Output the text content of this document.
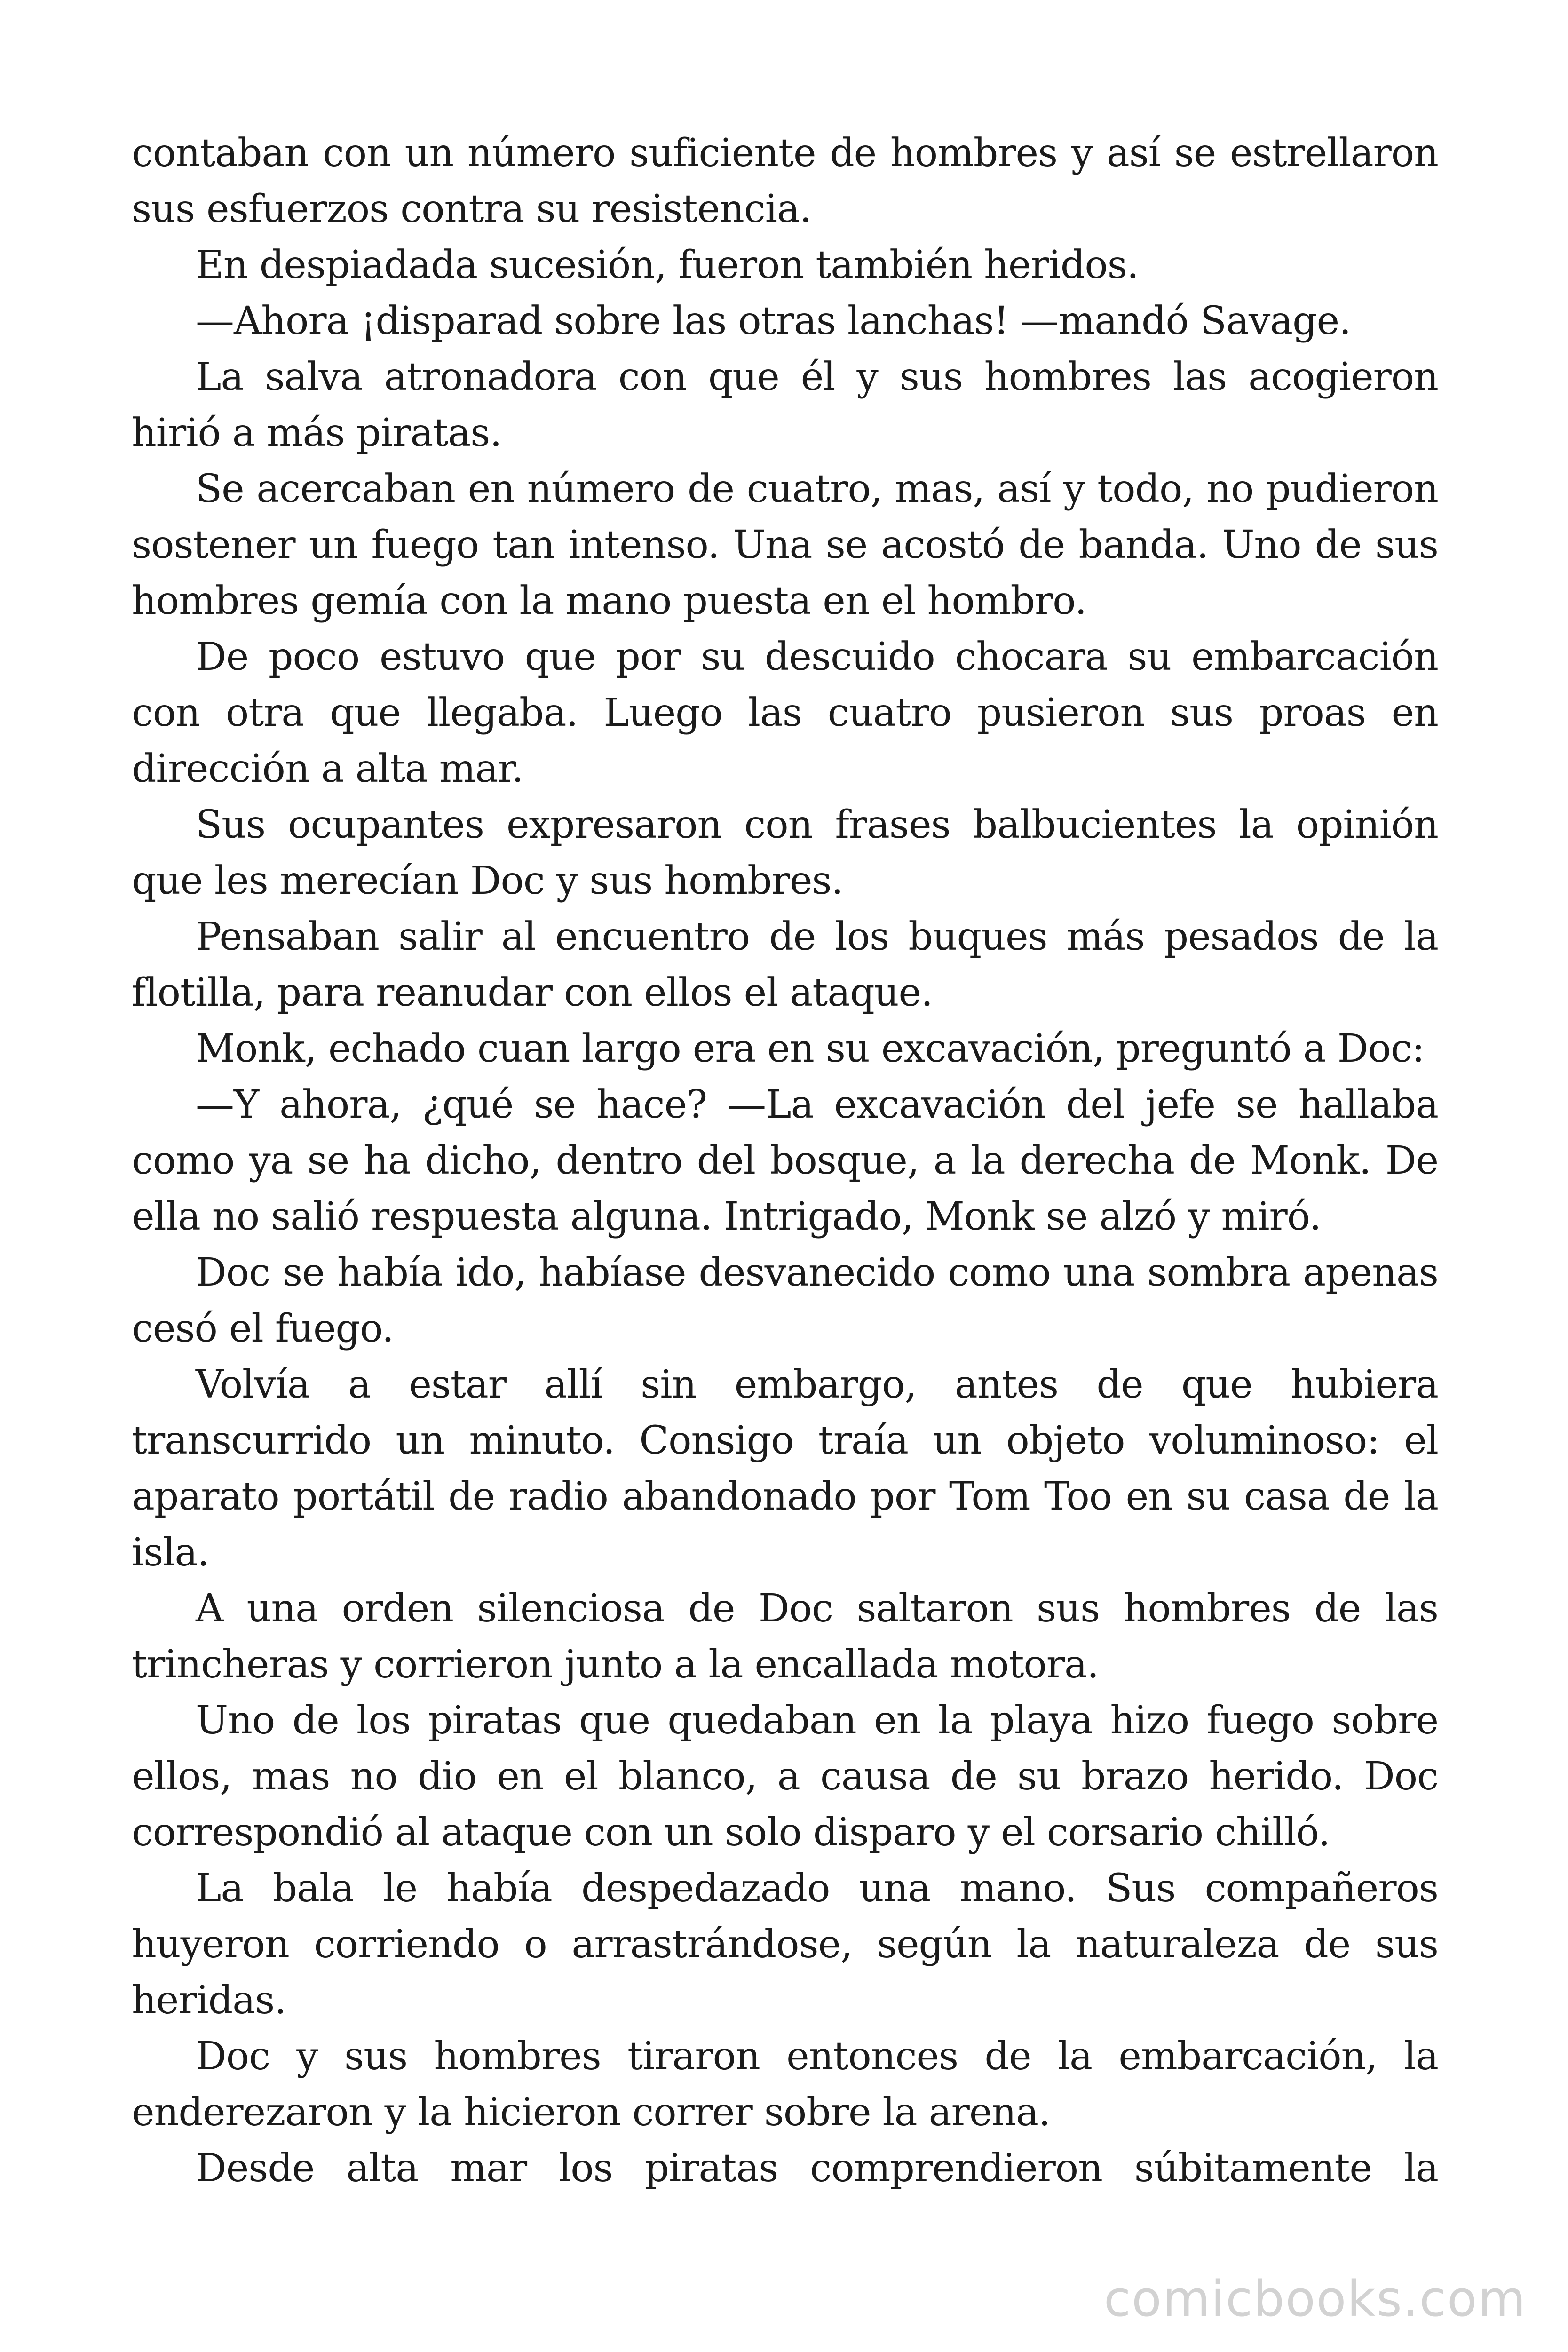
contaban con un número suficiente de hombres y así se estrellaron sus esfuerzos contra su resistencia.

En despiadada sucesión, fueron también heridos.

—Ahora ¡disparad sobre las otras lanchas! —mandó Savage.

La salva atronadora con que él y sus hombres las acogieron hirió a más piratas.

Se acercaban en número de cuatro, mas, así y todo, no pudieron sostener un fuego tan intenso. Una se acostó de banda. Uno de sus hombres gemía con la mano puesta en el hombro.

De poco estuvo que por su descuido chocara su embarcación con otra que llegaba. Luego las cuatro pusieron sus proas en dirección a alta mar.

Sus ocupantes expresaron con frases balbucientes la opinión que les merecían Doc y sus hombres.

Pensaban salir al encuentro de los buques más pesados de la flotilla, para reanudar con ellos el ataque.

Monk, echado cuan largo era en su excavación, preguntó a Doc:

—Y ahora, ¿qué se hace? —La excavación del jefe se hallaba como ya se ha dicho, dentro del bosque, a la derecha de Monk. De ella no salió respuesta alguna. Intrigado, Monk se alzó y miró.

Doc se había ido, habíase desvanecido como una sombra apenas cesó el fuego.

Volvía a estar allí sin embargo, antes de que hubiera transcurrido un minuto. Consigo traía un objeto voluminoso: el aparato portátil de radio abandonado por Tom Too en su casa de la isla.

A una orden silenciosa de Doc saltaron sus hombres de las trincheras y corrieron junto a la encallada motora.

Uno de los piratas que quedaban en la playa hizo fuego sobre ellos, mas no dio en el blanco, a causa de su brazo herido. Doc correspondió al ataque con un solo disparo y el corsario chilló.

La bala le había despedazado una mano. Sus compañeros huyeron corriendo o arrastrándose, según la naturaleza de sus heridas.

Doc y sus hombres tiraron entonces de la embarcación, la enderezaron y la hicieron correr sobre la arena.

Desde alta mar los piratas comprendieron súbitamente la

comicbooks.com
